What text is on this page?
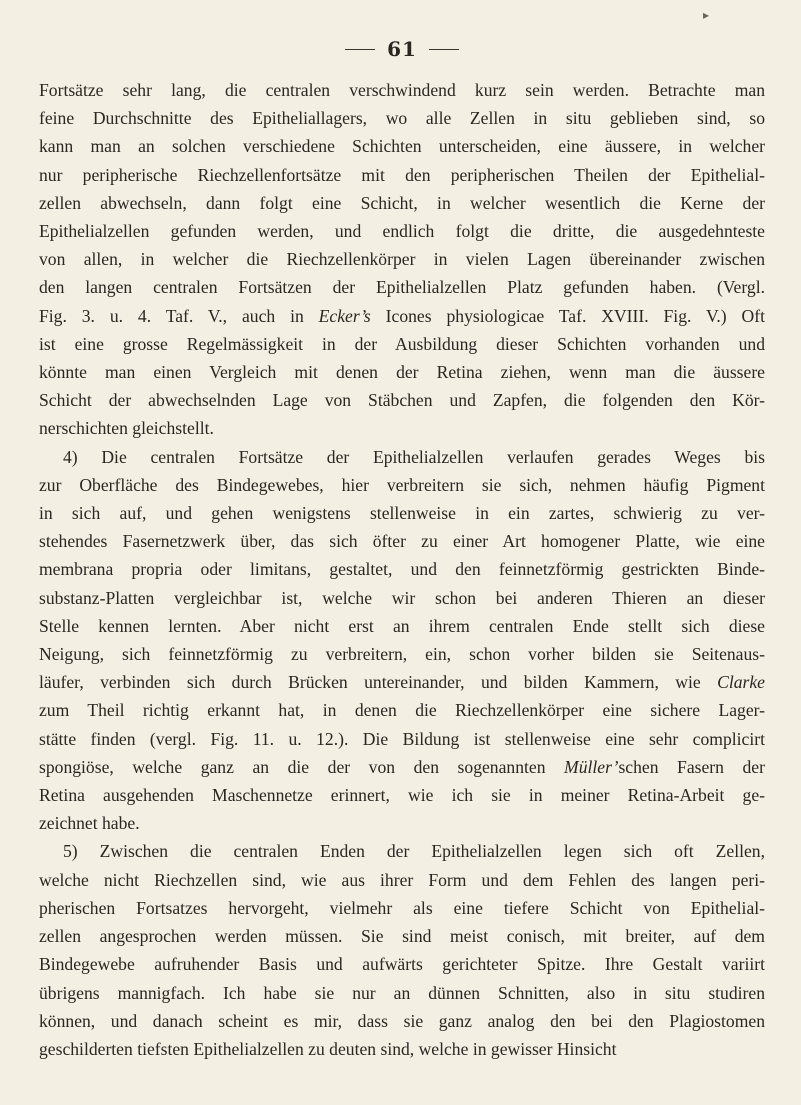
▸
61

Fortsätze sehr lang, die centralen verschwindend kurz sein werden. Betrachte man
feine Durchschnitte des Epitheliallagers, wo alle Zellen in situ geblieben sind, so
kann man an solchen verschiedene Schichten unterscheiden, eine äussere, in welcher
nur peripherische Riechzellenfortsätze mit den peripherischen Theilen der Epithelial-
zellen abwechseln, dann folgt eine Schicht, in welcher wesentlich die Kerne der
Epithelialzellen gefunden werden, und endlich folgt die dritte, die ausgedehnteste
von allen, in welcher die Riechzellenkörper in vielen Lagen übereinander zwischen
den langen centralen Fortsätzen der Epithelialzellen Platz gefunden haben. (Vergl.
Fig. 3. u. 4. Taf. V., auch in Ecker’s Icones physiologicae Taf. XVIII. Fig. V.) Oft
ist eine grosse Regelmässigkeit in der Ausbildung dieser Schichten vorhanden und
könnte man einen Vergleich mit denen der Retina ziehen, wenn man die äussere
Schicht der abwechselnden Lage von Stäbchen und Zapfen, die folgenden den Kör-
nerschichten gleichstellt.

4) Die centralen Fortsätze der Epithelialzellen verlaufen gerades Weges bis
zur Oberfläche des Bindegewebes, hier verbreitern sie sich, nehmen häufig Pigment
in sich auf, und gehen wenigstens stellenweise in ein zartes, schwierig zu ver-
stehendes Fasernetzwerk über, das sich öfter zu einer Art homogener Platte, wie eine
membrana propria oder limitans, gestaltet, und den feinnetzförmig gestrickten Binde-
substanz-Platten vergleichbar ist, welche wir schon bei anderen Thieren an dieser
Stelle kennen lernten. Aber nicht erst an ihrem centralen Ende stellt sich diese
Neigung, sich feinnetzförmig zu verbreitern, ein, schon vorher bilden sie Seitenaus-
läufer, verbinden sich durch Brücken untereinander, und bilden Kammern, wie Clarke
zum Theil richtig erkannt hat, in denen die Riechzellenkörper eine sichere Lager-
stätte finden (vergl. Fig. 11. u. 12.). Die Bildung ist stellenweise eine sehr complicirt
spongiöse, welche ganz an die der von den sogenannten Müller’schen Fasern der
Retina ausgehenden Maschennetze erinnert, wie ich sie in meiner Retina-Arbeit ge-
zeichnet habe.

5) Zwischen die centralen Enden der Epithelialzellen legen sich oft Zellen,
welche nicht Riechzellen sind, wie aus ihrer Form und dem Fehlen des langen peri-
pherischen Fortsatzes hervorgeht, vielmehr als eine tiefere Schicht von Epithelial-
zellen angesprochen werden müssen. Sie sind meist conisch, mit breiter, auf dem
Bindegewebe aufruhender Basis und aufwärts gerichteter Spitze. Ihre Gestalt variirt
übrigens mannigfach. Ich habe sie nur an dünnen Schnitten, also in situ studiren
können, und danach scheint es mir, dass sie ganz analog den bei den Plagiostomen
geschilderten tiefsten Epithelialzellen zu deuten sind, welche in gewisser Hinsicht
